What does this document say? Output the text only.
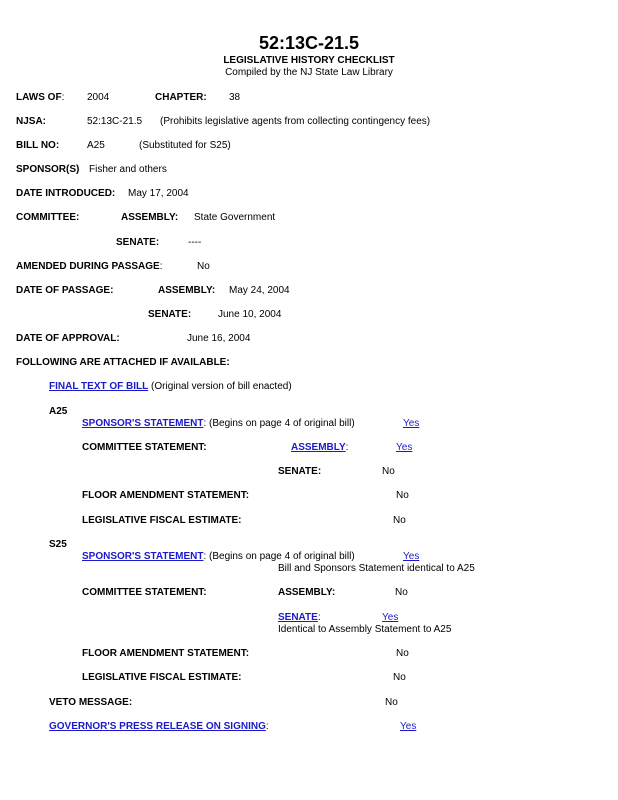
52:13C-21.5
LEGISLATIVE HISTORY CHECKLIST
Compiled by the NJ State Law Library
LAWS OF: 2004	CHAPTER: 38
NJSA:	52:13C-21.5 (Prohibits legislative agents from collecting contingency fees)
BILL NO:	A25	(Substituted for S25)
SPONSOR(S) Fisher and others
DATE INTRODUCED: May 17, 2004
COMMITTEE:	ASSEMBLY: State Government
SENATE:	----
AMENDED DURING PASSAGE:	No
DATE OF PASSAGE:	ASSEMBLY: May 24, 2004
SENATE:	June 10, 2004
DATE OF APPROVAL:	June 16, 2004
FOLLOWING ARE ATTACHED IF AVAILABLE:
FINAL TEXT OF BILL (Original version of bill enacted)
A25
SPONSOR'S STATEMENT: (Begins on page 4 of original bill)	Yes
COMMITTEE STATEMENT:	ASSEMBLY:	Yes
SENATE:	No
FLOOR AMENDMENT STATEMENT:	No
LEGISLATIVE FISCAL ESTIMATE:	No
S25
SPONSOR'S STATEMENT: (Begins on page 4 of original bill)	Yes
Bill and Sponsors Statement identical to A25
COMMITTEE STATEMENT:	ASSEMBLY:	No
SENATE:	Yes
Identical to Assembly Statement to A25
FLOOR AMENDMENT STATEMENT:	No
LEGISLATIVE FISCAL ESTIMATE:	No
VETO MESSAGE:	No
GOVERNOR'S PRESS RELEASE ON SIGNING:	Yes
